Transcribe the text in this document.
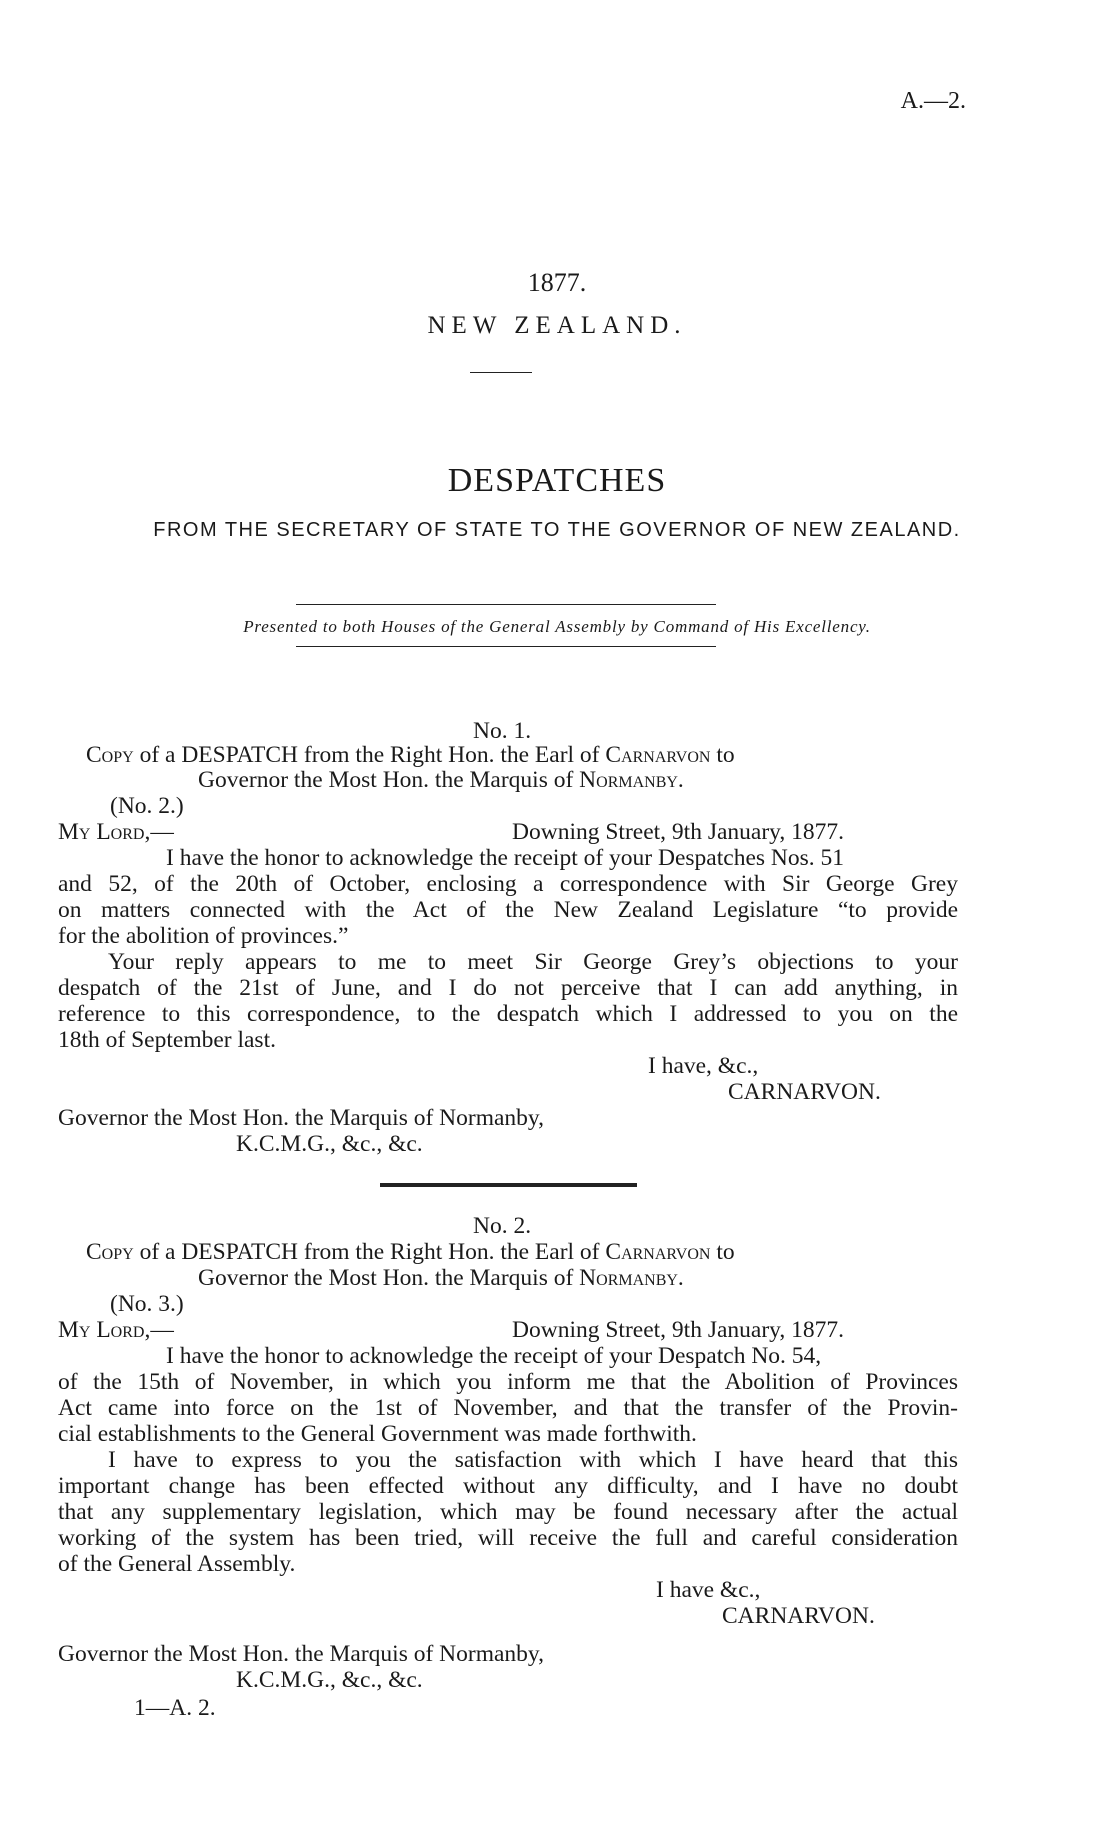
A.—2.
1877.
NEW ZEALAND.
DESPATCHES
FROM THE SECRETARY OF STATE TO THE GOVERNOR OF NEW ZEALAND.
Presented to both Houses of the General Assembly by Command of His Excellency.
No. 1.
Copy of a DESPATCH from the Right Hon. the Earl of Carnarvon to
Governor the Most Hon. the Marquis of Normanby.
(No. 2.)
My Lord,—	Downing Street, 9th January, 1877.
I have the honor to acknowledge the receipt of your Despatches Nos. 51
and 52, of the 20th of October, enclosing a correspondence with Sir George Grey
on matters connected with the Act of the New Zealand Legislature “to provide
for the abolition of provinces.”
Your reply appears to me to meet Sir George Grey’s objections to your
despatch of the 21st of June, and I do not perceive that I can add anything, in
reference to this correspondence, to the despatch which I addressed to you on the
18th of September last.
I have, &c.,
CARNARVON.
Governor the Most Hon. the Marquis of Normanby,
K.C.M.G., &c., &c.
No. 2.
Copy of a DESPATCH from the Right Hon. the Earl of Carnarvon to
Governor the Most Hon. the Marquis of Normanby.
(No. 3.)
My Lord,—	Downing Street, 9th January, 1877.
I have the honor to acknowledge the receipt of your Despatch No. 54,
of the 15th of November, in which you inform me that the Abolition of Provinces
Act came into force on the 1st of November, and that the transfer of the Provin-
cial establishments to the General Government was made forthwith.
I have to express to you the satisfaction with which I have heard that this
important change has been effected without any difficulty, and I have no doubt
that any supplementary legislation, which may be found necessary after the actual
working of the system has been tried, will receive the full and careful consideration
of the General Assembly.
I have &c.,
CARNARVON.
Governor the Most Hon. the Marquis of Normanby,
K.C.M.G., &c., &c.
1—A. 2.
